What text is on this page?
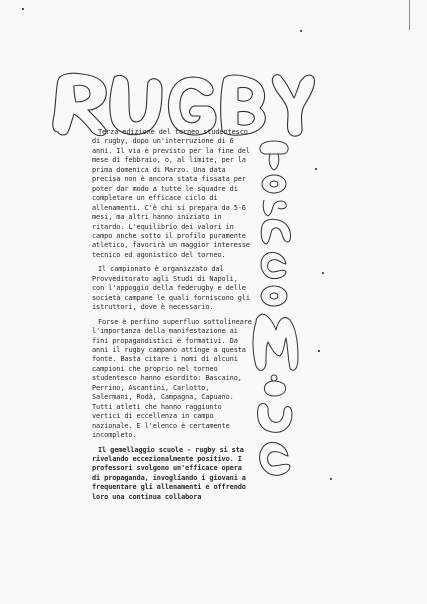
Terza edizione del torneo studentesco di rugby, dopo un'interruzione di 6 anni. Il via è previsto per la fine del mese di febbraio, o, al limite, per la prima domenica di Marzo. Una data precisa non è ancora stata fissata per poter dar modo a tutte le squadre di completare un efficace ciclo di allenamenti. C'è chi si prepara da 5-6 mesi, ma altri hanno iniziato in ritardo. L'equilibrio dei valori in campo anche sotto il profilo puramente atletico, favorirà un maggior interesse tecnico ed agonistico del torneo.

Il campionato è organizzato dal Provveditorato agli Studi di Napoli, con l'appoggio della federugby e delle società campane le quali forniscono gli istruttori, dove è necessario.

Forse è perfino superfluo sottolineare l'importanza della manifestazione ai fini propagandistici e formativi. Da anni il rugby campano attinge a questa fonte. Basta citare i nomi di alcuni campioni che proprio nel torneo studentesco hanno esordito: Bascaino, Perrino, Ascantini, Carlotto, Salermani, Rodà, Campagna, Capuano. Tutti atleti che hanno raggiunto vertici di eccellenza in campo nazionale. E l'elenco è certamente incompleto.

Il gemellaggio scuole - rugby si sta rivelando eccezionalmente positivo. I professori svolgono un'efficace opera di propaganda, invogliando i giovani a frequentare gli allenamenti e offrendo loro una continua collabora
